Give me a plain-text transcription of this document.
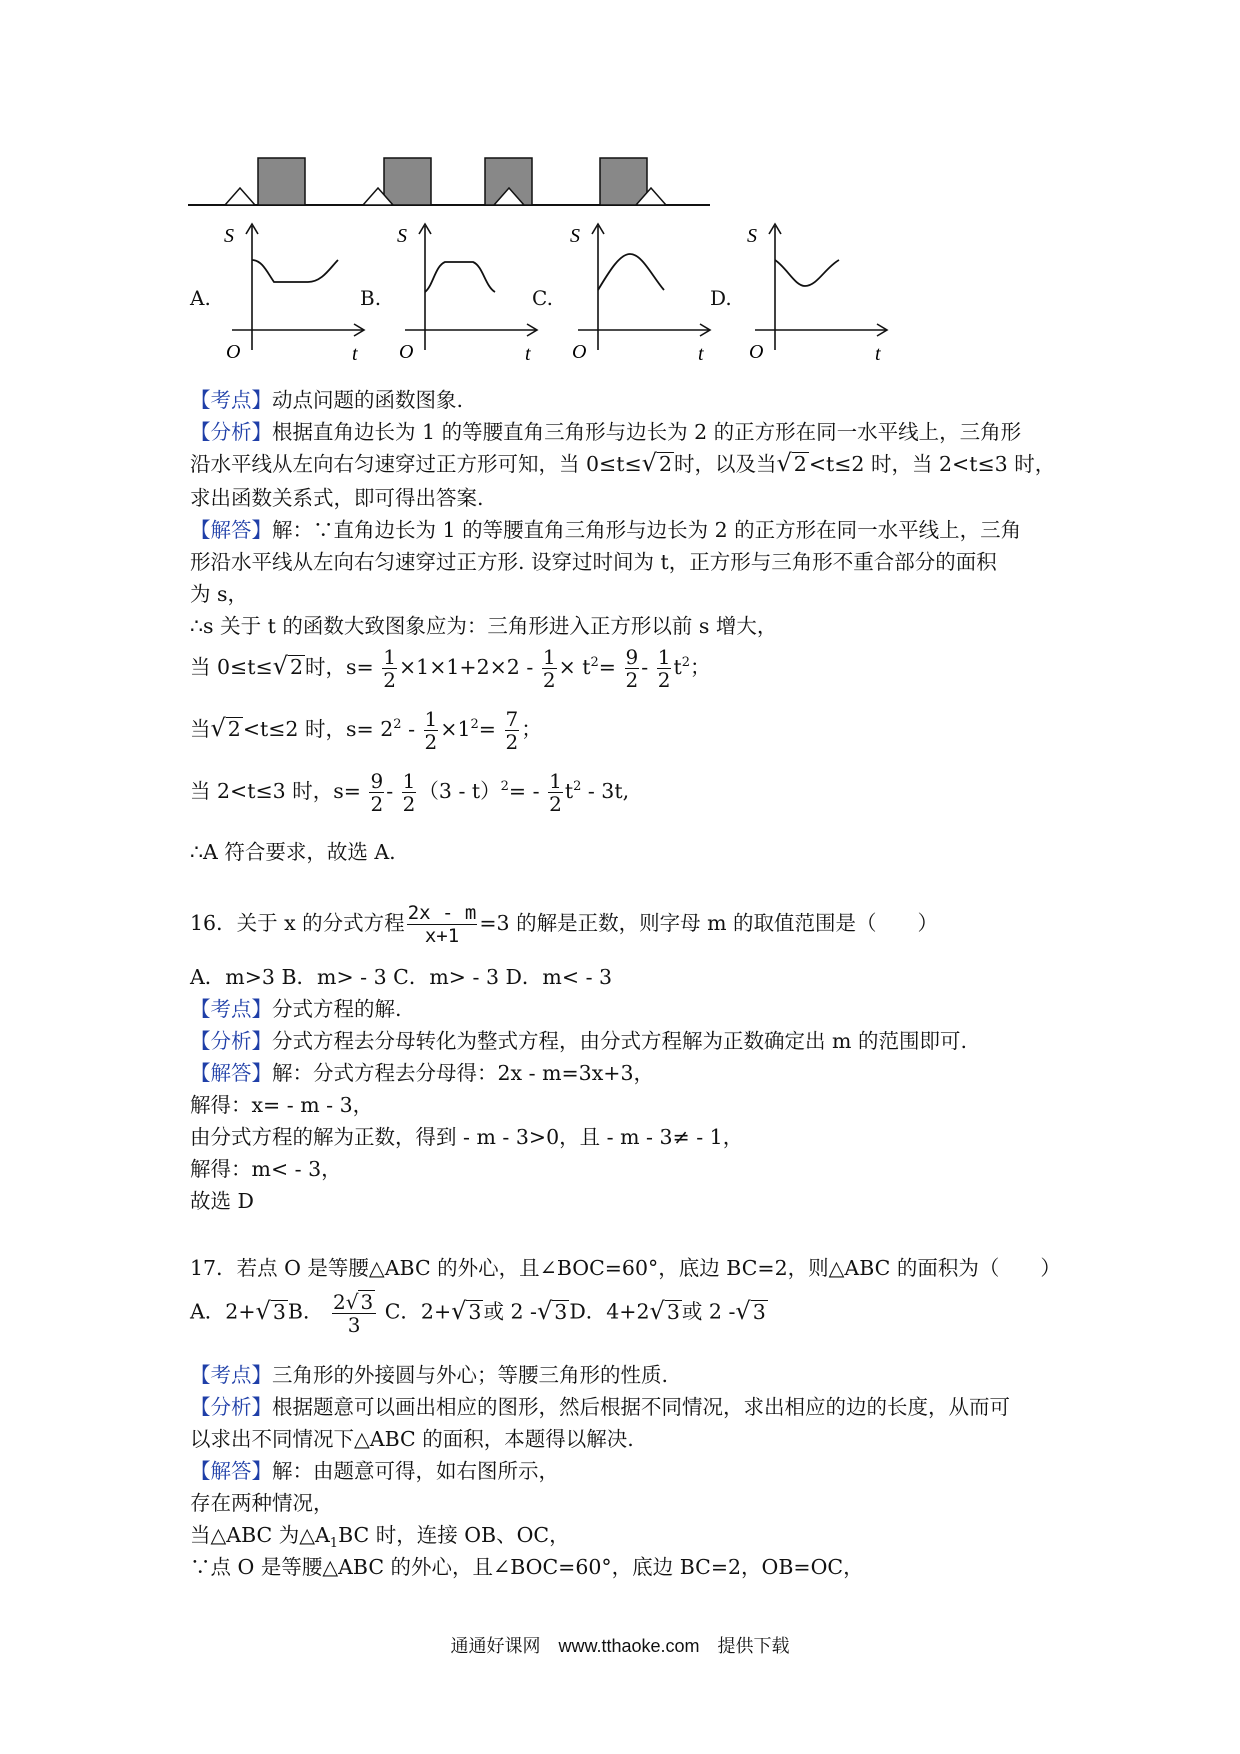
A.
S
O	t
B.
S
O	t
C.
S
O	t
D.
S
O	t
【考点】动点问题的函数图象.
【分析】根据直角边长为 1 的等腰直角三角形与边长为 2 的正方形在同一水平线上，三角形
沿水平线从左向右匀速穿过正方形可知，当 0≤t≤√2时，以及当√2<t≤2 时，当 2<t≤3 时，
求出函数关系式，即可得出答案.
【解答】解：∵直角边长为 1 的等腰直角三角形与边长为 2 的正方形在同一水平线上，三角
形沿水平线从左向右匀速穿过正方形. 设穿过时间为 t，正方形与三角形不重合部分的面积
为 s，
∴s 关于 t 的函数大致图象应为：三角形进入正方形以前 s 增大，
当 0≤t≤√2时，$s= \frac{1}{2} \times 1\times 1+2\times 2 - \frac{1}{2} \times t^2= \frac{9}{2} - \frac{1}{2} t^2$；
当√2<t≤2 时，$s= 2^2 - \frac{1}{2} \times 1^2= \frac{7}{2}$ ；
当 2<t≤3 时，$s= \frac{9}{2} - \frac{1}{2} (3 - t)^2= - \frac{1}{2} t^2 - 3t$,
∴A 符合要求，故选 A.
16．关于 x 的分式方程 $\frac{2x - m}{x+1} =3$ 的解是正数，则字母 m 的取值范围是（　　）
A．m>3 B．m> - 3 C．m> - 3 D．m< - 3
【考点】分式方程的解.
【分析】分式方程去分母转化为整式方程，由分式方程解为正数确定出 m 的范围即可.
【解答】解：分式方程去分母得：2x - m=3x+3，
解得：x= - m - 3，
由分式方程的解为正数，得到 - m - 3>0，且 - m - 3≠ - 1，
解得：m< - 3，
故选 D
17．若点 O 是等腰△ABC 的外心，且∠BOC=60°，底边 BC=2，则△ABC 的面积为（　　）
A．2+√3B． $\frac{2√ 3}{3}$ C．2+√3或 2 -√3D．4+2√3或 2 -√3
【考点】三角形的外接圆与外心；等腰三角形的性质.
【分析】根据题意可以画出相应的图形，然后根据不同情况，求出相应的边的长度，从而可
以求出不同情况下△ABC 的面积，本题得以解决.
【解答】解：由题意可得，如右图所示，
存在两种情况，
当△ABC 为$\triangle A_1BC$ 时，连接 OB、OC，
∵点 O 是等腰△ABC 的外心，且∠BOC=60°，底边 BC=2，OB=OC，
通通好课网　www.tthaoke.com　提供下载
